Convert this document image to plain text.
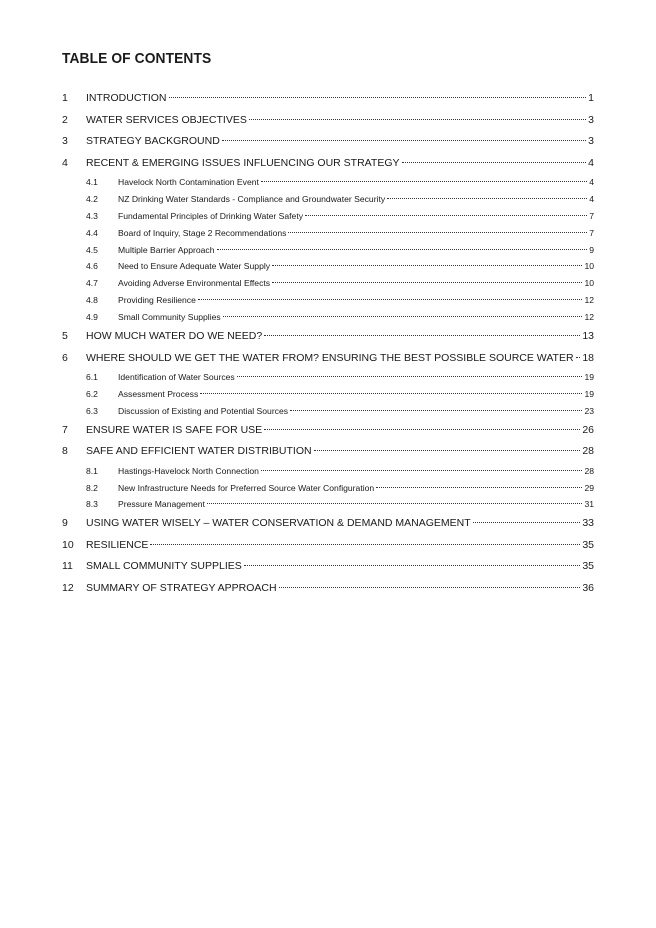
TABLE OF CONTENTS
1	INTRODUCTION	1
2	WATER SERVICES OBJECTIVES	3
3	STRATEGY BACKGROUND	3
4	RECENT & EMERGING ISSUES INFLUENCING OUR STRATEGY	4
4.1	Havelock North Contamination Event	4
4.2	NZ Drinking Water Standards - Compliance and Groundwater Security	4
4.3	Fundamental Principles of Drinking Water Safety	7
4.4	Board of Inquiry, Stage 2 Recommendations	7
4.5	Multiple Barrier Approach	9
4.6	Need to Ensure Adequate Water Supply	10
4.7	Avoiding Adverse Environmental Effects	10
4.8	Providing Resilience	12
4.9	Small Community Supplies	12
5	HOW MUCH WATER DO WE NEED?	13
6	WHERE SHOULD WE GET THE WATER FROM? ENSURING THE BEST POSSIBLE SOURCE WATER 18
6.1	Identification of Water Sources	19
6.2	Assessment Process	19
6.3	Discussion of Existing and Potential Sources	23
7	ENSURE WATER IS SAFE FOR USE	26
8	SAFE AND EFFICIENT WATER DISTRIBUTION	28
8.1	Hastings-Havelock North Connection	28
8.2	New Infrastructure Needs for Preferred Source Water Configuration	29
8.3	Pressure Management	31
9	USING WATER WISELY – WATER CONSERVATION & DEMAND MANAGEMENT	33
10	RESILIENCE	35
11	SMALL COMMUNITY SUPPLIES	35
12	SUMMARY OF STRATEGY APPROACH	36
